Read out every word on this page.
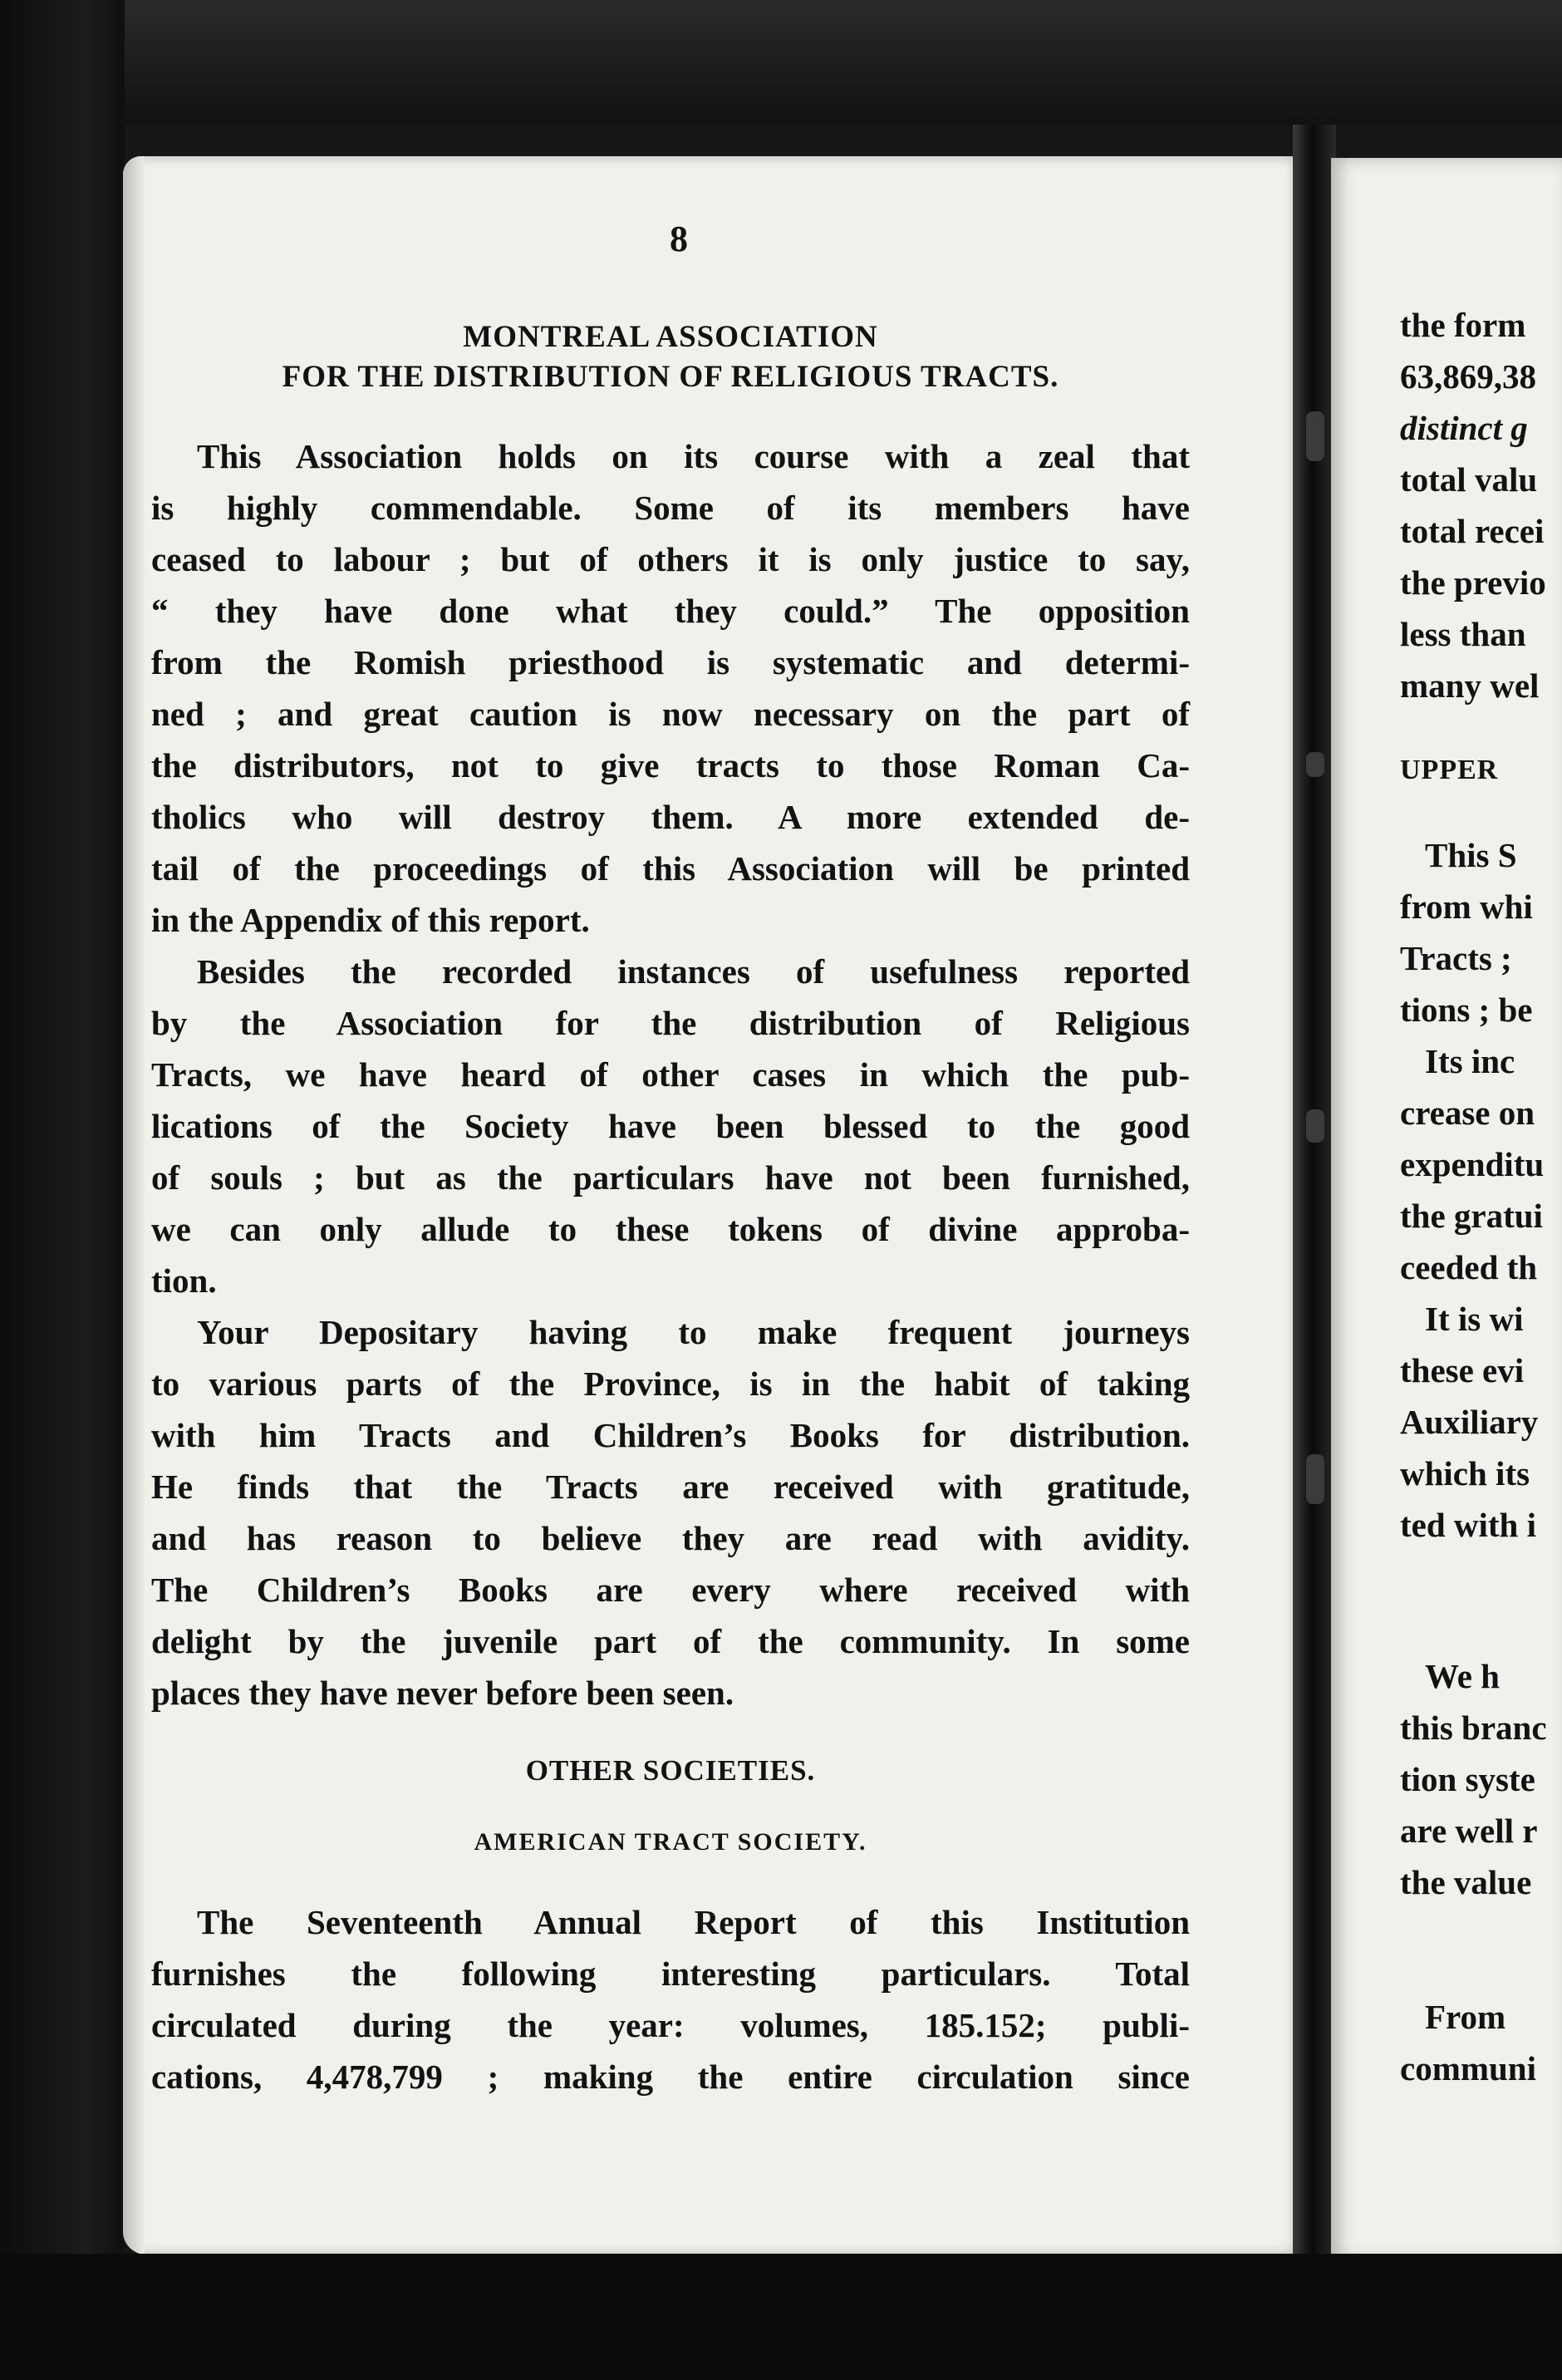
8
MONTREAL ASSOCIATION
FOR THE DISTRIBUTION OF RELIGIOUS TRACTS.

This Association holds on its course with a zeal that
is highly commendable. Some of its members have
ceased to labour ; but of others it is only justice to say,
“ they have done what they could.” The opposition
from the Romish priesthood is systematic and determi-
ned ; and great caution is now necessary on the part of
the distributors, not to give tracts to those Roman Ca-
tholics who will destroy them. A more extended de-
tail of the proceedings of this Association will be printed
in the Appendix of this report.

Besides the recorded instances of usefulness reported
by the Association for the distribution of Religious
Tracts, we have heard of other cases in which the pub-
lications of the Society have been blessed to the good
of souls ; but as the particulars have not been furnished,
we can only allude to these tokens of divine approba-
tion.

Your Depositary having to make frequent journeys
to various parts of the Province, is in the habit of taking
with him Tracts and Children’s Books for distribution.
He finds that the Tracts are received with gratitude,
and has reason to believe they are read with avidity.
The Children’s Books are every where received with
delight by the juvenile part of the community. In some
places they have never before been seen.

OTHER SOCIETIES.
AMERICAN TRACT SOCIETY.

The Seventeenth Annual Report of this Institution
furnishes the following interesting particulars. Total
circulated during the year: volumes, 185.152; publi-
cations, 4,478,799 ; making the entire circulation since

the form
63,869,38
distinct g
total valu
total recei
the previo
less than
many wel
UPPER
This S
from whi
Tracts ;
tions ; be
Its inc
crease on
expenditu
the gratui
ceeded th
It is wi
these evi
Auxiliary
which its
ted with i
We h
this branc
tion syste
are well r
the value
From
communi
